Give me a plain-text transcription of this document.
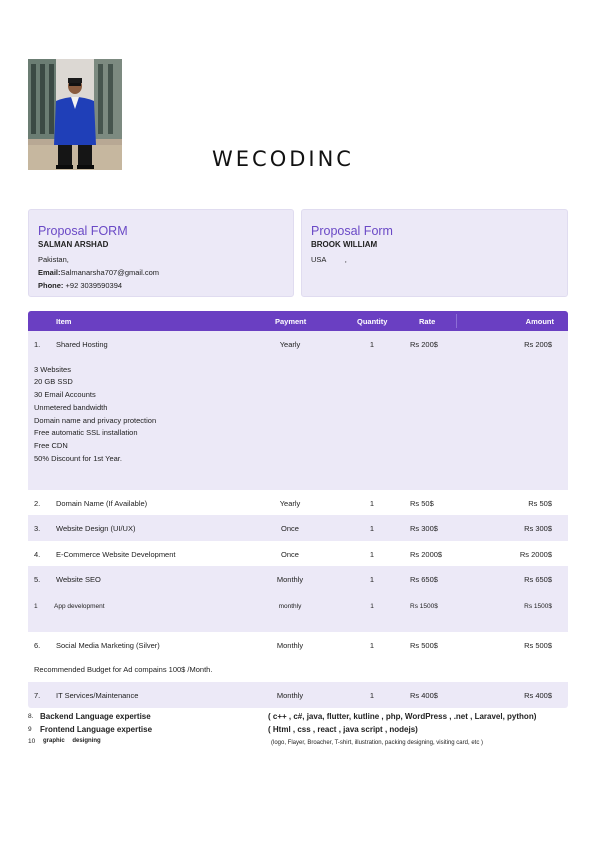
WECODINC
Proposal FORM
SALMAN ARSHAD
Pakistan,
Email:Salmanarsha707@gmail.com
Phone: +92 3039590394
Proposal Form
BROOK WILLIAM
USA         ,
Item	Payment	Quantity	Rate	Amount
1. Shared Hosting	Yearly	1	Rs 200$	Rs 200$
3 Websites
20 GB SSD
30 Email Accounts
Unmetered bandwidth
Domain name and privacy protection
Free automatic SSL installation
Free CDN
50% Discount for 1st Year.
2. Domain Name (If Available)	Yearly	1	Rs 50$	Rs 50$
3. Website Design (UI/UX)	Once	1	Rs 300$	Rs 300$
4. E-Commerce Website Development	Once	1	Rs 2000$	Rs 2000$
5. Website SEO	Monthly	1	Rs 650$	Rs 650$
1	App development	monthly	1	Rs 1500$	Rs 1500$
6. Social Media Marketing (Silver)	Monthly	1	Rs 500$	Rs 500$
Recommended Budget for Ad compains 100$ /Month.
7. IT Services/Maintenance	Monthly	1	Rs 400$	Rs 400$
8. Backend Language expertise	( c++ , c#, java, flutter, kutline , php, WordPress , .net , Laravel, python)
9 Frontend Language expertise	( Html , css , react , java script , nodejs)
10 graphic designing	(logo, Flayer, Broacher, T-shirt, illustration, packing designing, visiting card, etc )
